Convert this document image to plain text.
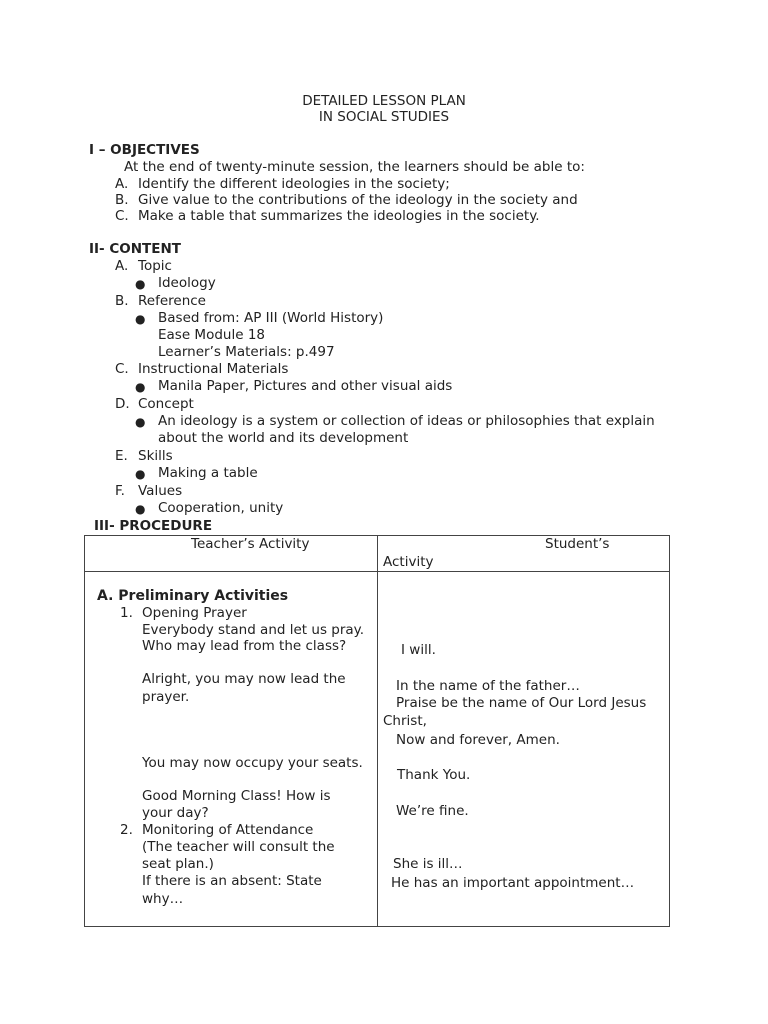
DETAILED LESSON PLAN
IN SOCIAL STUDIES
I – OBJECTIVES
At the end of twenty-minute session, the learners should be able to:
A. Identify the different ideologies in the society;
B. Give value to the contributions of the ideology in the society and
C. Make a table that summarizes the ideologies in the society.
II- CONTENT
A. Topic
● Ideology
B. Reference
● Based from: AP III (World History)
Ease Module 18
Learner’s Materials: p.497
C. Instructional Materials
● Manila Paper, Pictures and other visual aids
D. Concept
● An ideology is a system or collection of ideas or philosophies that explain
about the world and its development
E. Skills
● Making a table
F. Values
● Cooperation, unity
III- PROCEDURE
Teacher’s Activity	Student’s
Activity
A. Preliminary Activities
1. Opening Prayer
Everybody stand and let us pray.
Who may lead from the class?
Alright, you may now lead the
prayer.
You may now occupy your seats.
Good Morning Class! How is
your day?
2. Monitoring of Attendance
(The teacher will consult the
seat plan.)
If there is an absent: State
why…
I will.
In the name of the father…
Praise be the name of Our Lord Jesus
Christ,
Now and forever, Amen.
Thank You.
We’re fine.
She is ill…
He has an important appointment…
